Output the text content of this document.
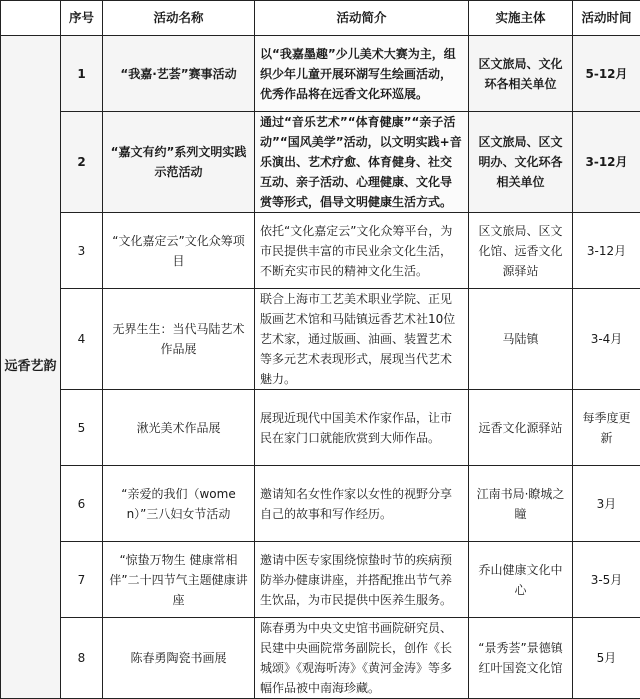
	序号	活动名称	活动简介	实施主体	活动时间
远香艺韵	1	“我嘉·艺荟”赛事活动	以“我嘉墨趣”少儿美术大赛为主，组织少年儿童开展环湖写生绘画活动，优秀作品将在远香文化环巡展。	区文旅局、文化环各相关单位	5-12月
	2	“嘉文有约”系列文明实践示范活动	通过“音乐艺术”“体育健康”“亲子活动”“国风美学”活动，以文明实践+音乐演出、艺术疗愈、体育健身、社交互动、亲子活动、心理健康、文化导赏等形式，倡导文明健康生活方式。	区文旅局、区文明办、文化环各相关单位	3-12月
	3	“文化嘉定云”文化众筹项目	依托“文化嘉定云”文化众筹平台，为市民提供丰富的市民业余文化生活，不断充实市民的精神文化生活。	区文旅局、区文化馆、远香文化源驿站	3-12月
	4	无界生生：当代马陆艺术作品展	联合上海市工艺美术职业学院、正见版画艺术馆和马陆镇远香艺术社10位艺术家，通过版画、油画、装置艺术等多元艺术表现形式，展现当代艺术魅力。	马陆镇	3-4月
	5	湫光美术作品展	展现近现代中国美术作家作品，让市民在家门口就能欣赏到大师作品。	远香文化源驿站	每季度更新
	6	“亲爱的我们（women）”三八妇女节活动	邀请知名女性作家以女性的视野分享自己的故事和写作经历。	江南书局·瞭城之瞳	3月
	7	“惊蛰万物生 健康常相伴”二十四节气主题健康讲座	邀请中医专家围绕惊蛰时节的疾病预防举办健康讲座，并搭配推出节气养生饮品，为市民提供中医养生服务。	乔山健康文化中心	3-5月
	8	陈春勇陶瓷书画展	陈春勇为中央文史馆书画院研究员、民建中央画院常务副院长，创作《长城颂》《观海听涛》《黄河金涛》等多幅作品被中南海珍藏。	“景秀荟”景德镇红叶国瓷文化馆	5月
